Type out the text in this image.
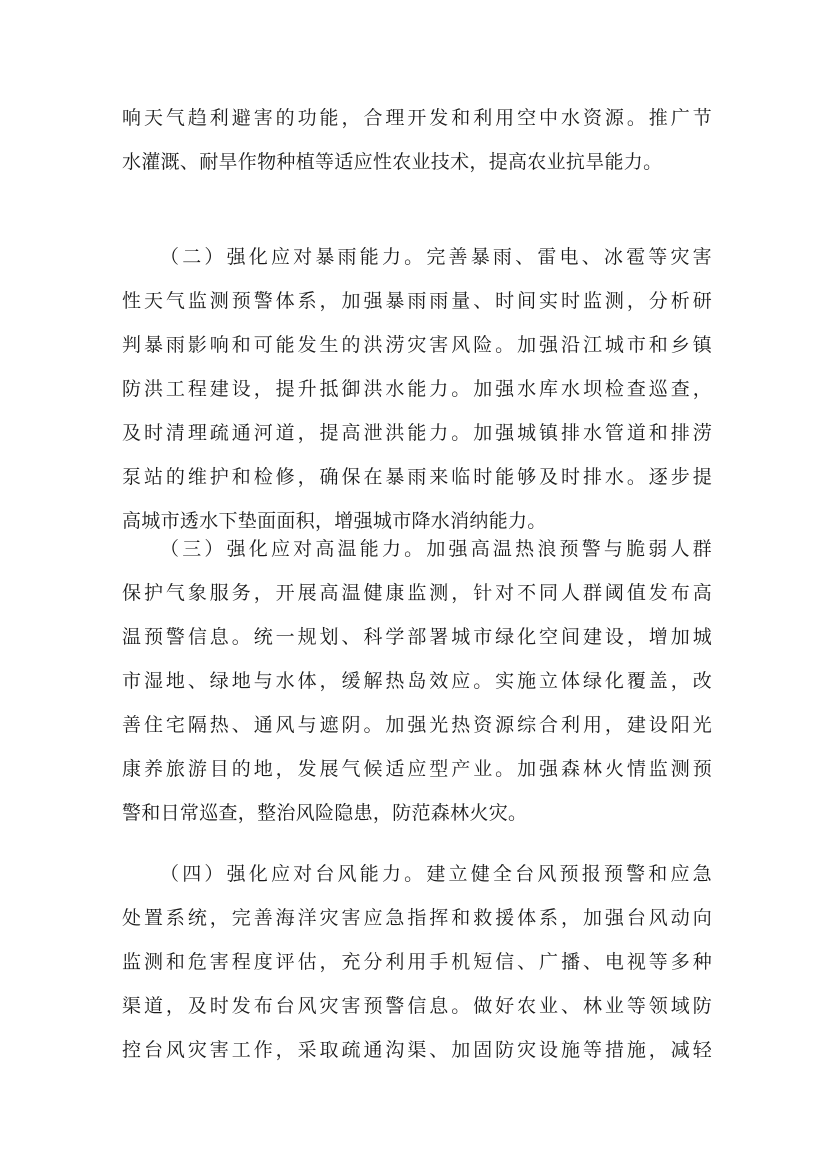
响天气趋利避害的功能，合理开发和利用空中水资源。推广节
水灌溉、耐旱作物种植等适应性农业技术，提高农业抗旱能力。
（二）强化应对暴雨能力。完善暴雨、雷电、冰雹等灾害
性天气监测预警体系，加强暴雨雨量、时间实时监测，分析研
判暴雨影响和可能发生的洪涝灾害风险。加强沿江城市和乡镇
防洪工程建设，提升抵御洪水能力。加强水库水坝检查巡查，
及时清理疏通河道，提高泄洪能力。加强城镇排水管道和排涝
泵站的维护和检修，确保在暴雨来临时能够及时排水。逐步提
高城市透水下垫面面积，增强城市降水消纳能力。
（三）强化应对高温能力。加强高温热浪预警与脆弱人群
保护气象服务，开展高温健康监测，针对不同人群阈值发布高
温预警信息。统一规划、科学部署城市绿化空间建设，增加城
市湿地、绿地与水体，缓解热岛效应。实施立体绿化覆盖，改
善住宅隔热、通风与遮阴。加强光热资源综合利用，建设阳光
康养旅游目的地，发展气候适应型产业。加强森林火情监测预
警和日常巡查，整治风险隐患，防范森林火灾。
（四）强化应对台风能力。建立健全台风预报预警和应急
处置系统，完善海洋灾害应急指挥和救援体系，加强台风动向
监测和危害程度评估，充分利用手机短信、广播、电视等多种
渠道，及时发布台风灾害预警信息。做好农业、林业等领域防
控台风灾害工作，采取疏通沟渠、加固防灾设施等措施，减轻
